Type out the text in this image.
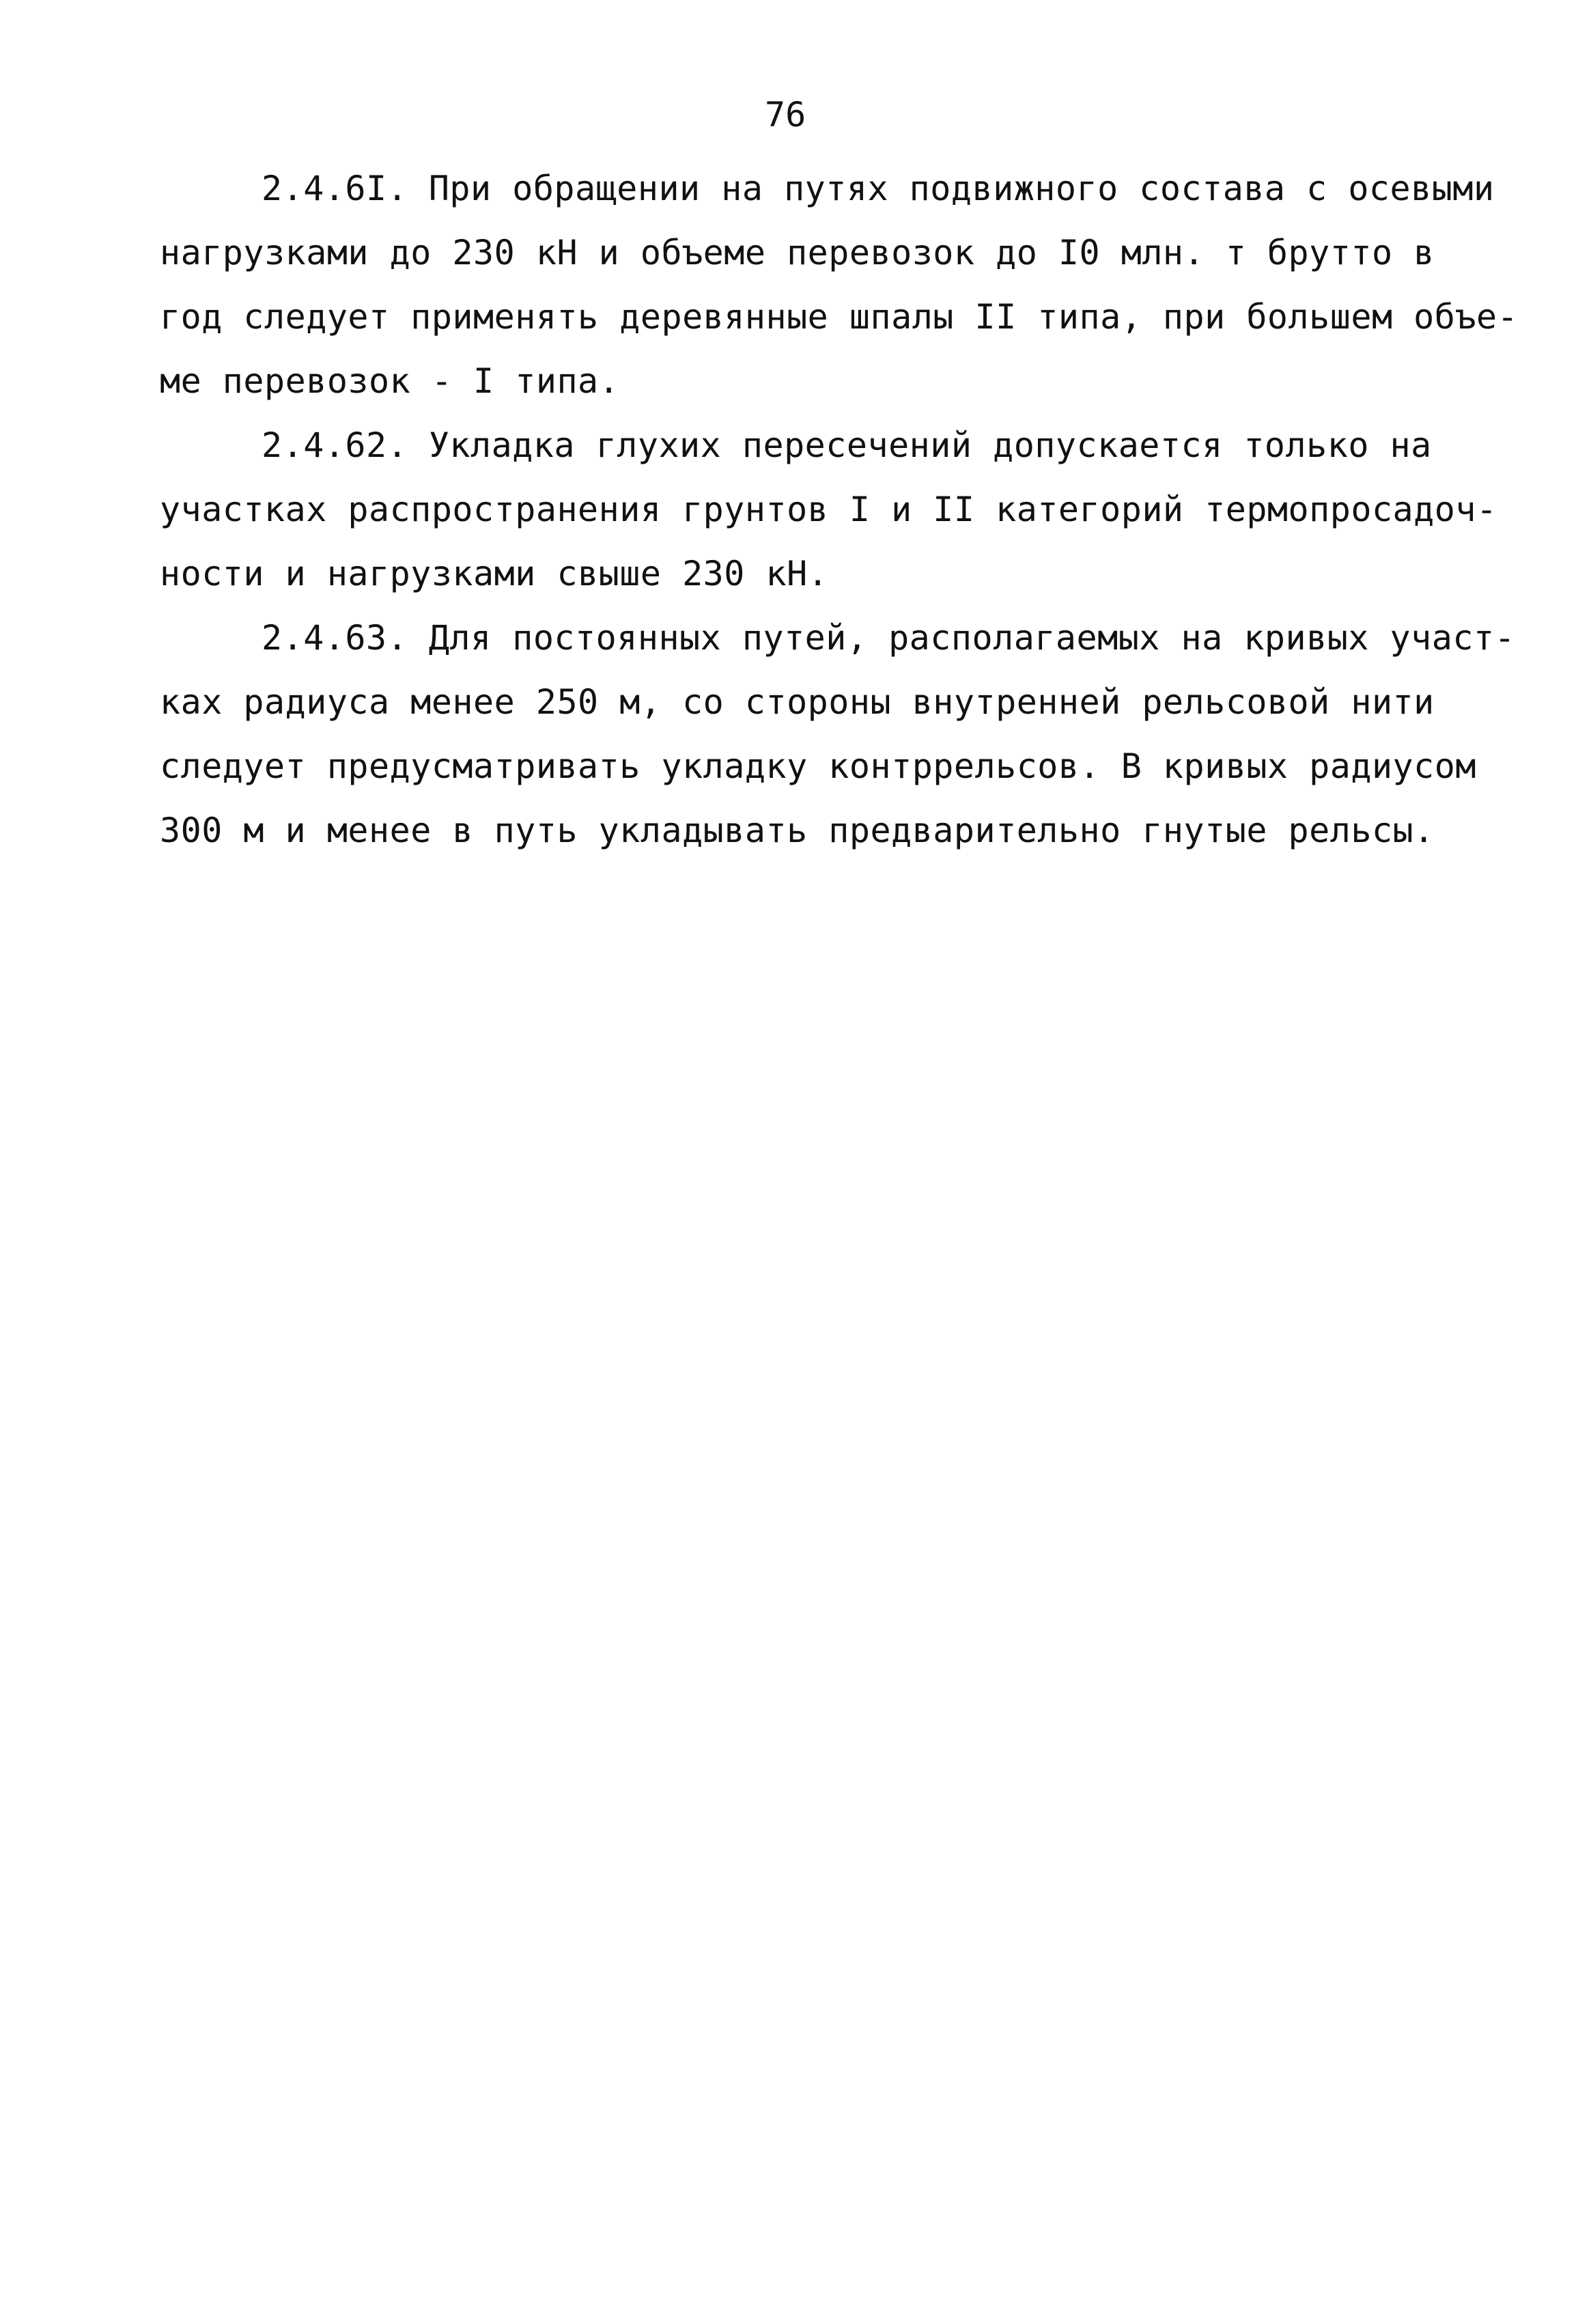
76
2.4.6I. При обращении на путях подвижного состава с осевыми
нагрузками до 230 кН и объеме перевозок до I0 млн. т брутто в
год следует применять деревянные шпалы II типа, при большем объе-
ме перевозок - I типа.
2.4.62. Укладка глухих пересечений допускается только на
участках распространения грунтов I и II категорий термопросадоч-
ности и нагрузками свыше 230 кН.
2.4.63. Для постоянных путей, располагаемых на кривых участ-
ках радиуса менее 250 м, со стороны внутренней рельсовой нити
следует предусматривать укладку контррельсов. В кривых радиусом
300 м и менее в путь укладывать предварительно гнутые рельсы.
